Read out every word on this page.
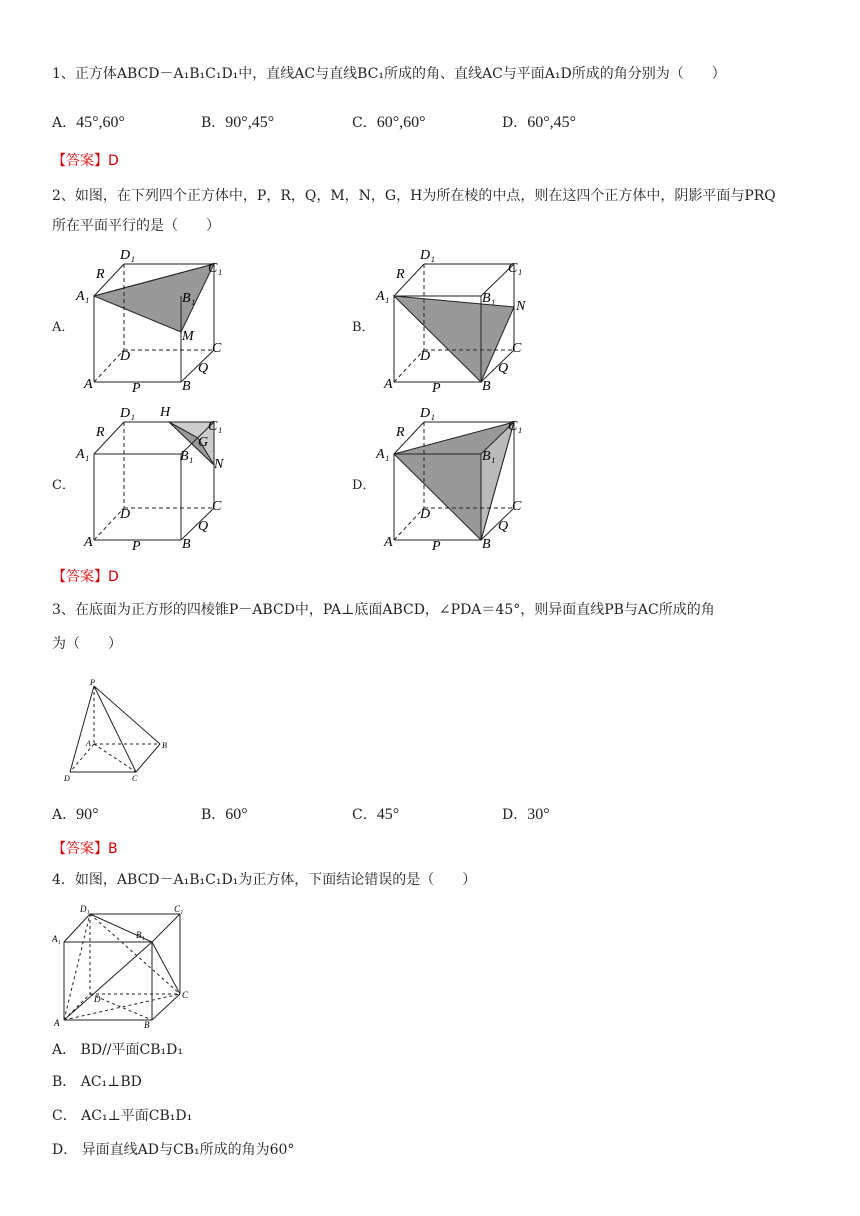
1、正方体ABCD－A₁B₁C₁D₁中，直线AC与直线BC₁所成的角、直线AC与平面A₁D所成的角分别为（　　）
A．45°,60°	B．90°,45°	C．60°,60°	D．60°,45°
【答案】D
2、如图，在下列四个正方体中，P，R，Q，M，N，G，H为所在棱的中点，则在这四个正方体中，阴影平面与PRQ
所在平面平行的是（　　）
A．	B．
C．	D．
D₁
C₁
R
A₁	B₁
M
D
C
A	B
Q
P
D₁
C₁
R
A₁	B₁
N
D
C
A	B
Q
P
D₁ H
C₁
G
R
A₁	B₁
N
D
C
A	B
Q
P
D₁
C₁
R
A₁	B₁
D
C
A	B
Q
P
【答案】D
3、在底面为正方形的四棱锥P－ABCD中，PA⊥底面ABCD，∠PDA＝45°，则异面直线PB与AC所成的角
为（　　）
P
A	B
C
D
A．90°	B．60°	C．45°	D．30°
【答案】B
4．如图，ABCD－A₁B₁C₁D₁为正方体，下面结论错误的是（　　）
D₁	C₁
A₁	B₁
D	C
A	B
A． BD//平面CB₁D₁
B． AC₁⊥BD
C． AC₁⊥平面CB₁D₁
D． 异面直线AD与CB₁所成的角为60°
